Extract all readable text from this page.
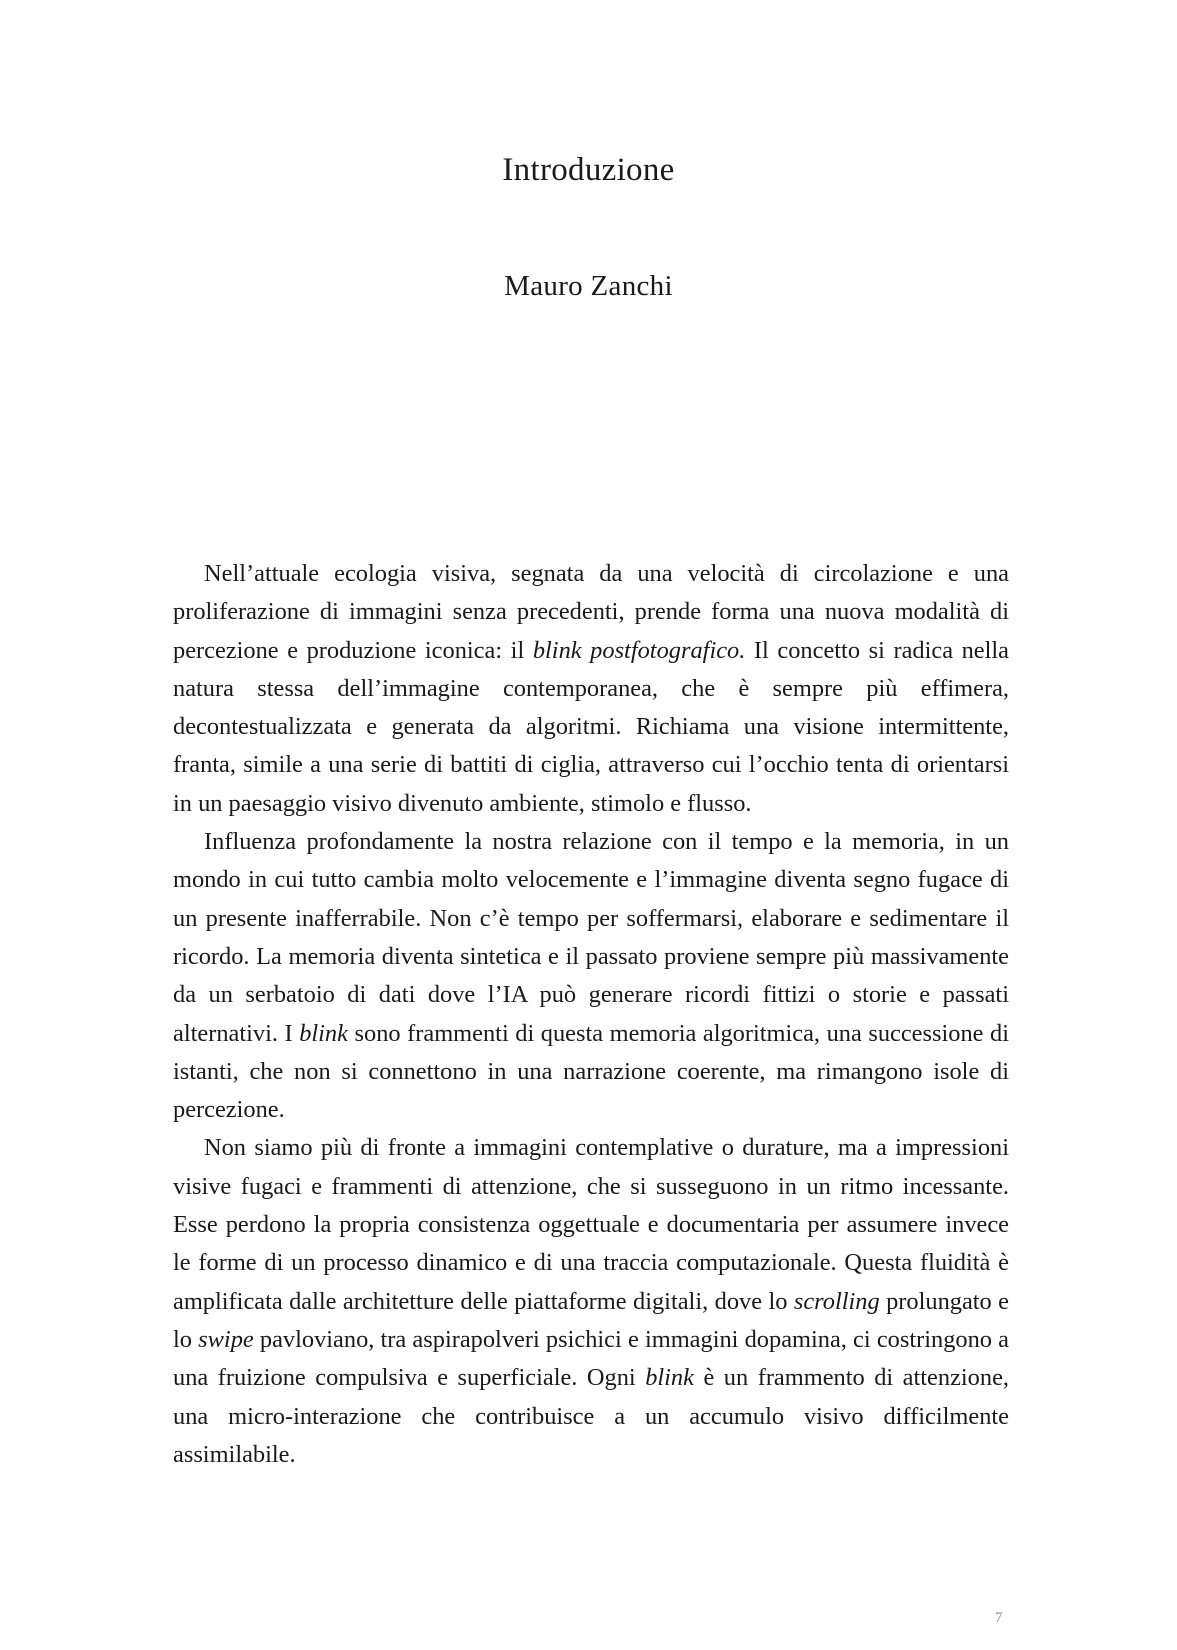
Introduzione
Mauro Zanchi

Nell’attuale ecologia visiva, segnata da una velocità di circolazione e una proliferazione di immagini senza precedenti, prende forma una nuova modalità di percezione e produzione iconica: il blink postfotografico. Il concetto si radica nella natura stessa dell’immagine contemporanea, che è sempre più effimera, decontestualizzata e generata da algoritmi. Richiama una visione intermittente, franta, simile a una serie di battiti di ciglia, attraverso cui l’occhio tenta di orientarsi in un paesaggio visivo divenuto ambiente, stimolo e flusso.

Influenza profondamente la nostra relazione con il tempo e la memoria, in un mondo in cui tutto cambia molto velocemente e l’immagine diventa segno fugace di un presente inafferrabile. Non c’è tempo per soffermarsi, elaborare e sedimentare il ricordo. La memoria diventa sintetica e il passato proviene sempre più massivamente da un serbatoio di dati dove l’IA può generare ricordi fittizi o storie e passati alternativi. I blink sono frammenti di questa memoria algoritmica, una successione di istanti, che non si connettono in una narrazione coerente, ma rimangono isole di percezione.

Non siamo più di fronte a immagini contemplative o durature, ma a impressioni visive fugaci e frammenti di attenzione, che si susseguono in un ritmo incessante. Esse perdono la propria consistenza oggettuale e documentaria per assumere invece le forme di un processo dinamico e di una traccia computazionale. Questa fluidità è amplificata dalle architetture delle piattaforme digitali, dove lo scrolling prolungato e lo swipe pavloviano, tra aspirapolveri psichici e immagini dopamina, ci costringono a una fruizione compulsiva e superficiale. Ogni blink è un frammento di attenzione, una micro-interazione che contribuisce a un accumulo visivo difficilmente assimilabile.

7
